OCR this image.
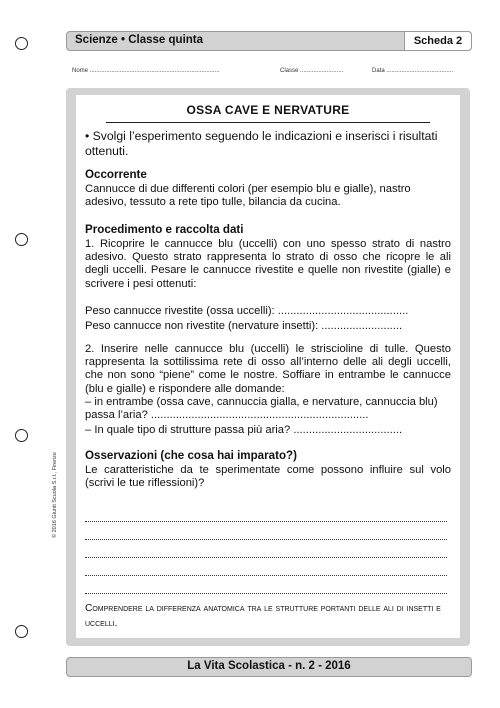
Scienze • Classe quinta	Scheda 2
Nome ..............................................................................	Classe ..........................	Data ........................................
OSSA CAVE E NERVATURE
• Svolgi l’esperimento seguendo le indicazioni e inserisci i risultati ottenuti.
Occorrente
Cannucce di due differenti colori (per esempio blu e gialle), nastro adesivo, tessuto a rete tipo tulle, bilancia da cucina.
Procedimento e raccolta dati
1. Ricoprire le cannucce blu (uccelli) con uno spesso strato di nastro adesivo. Questo strato rappresenta lo strato di osso che ricopre le ali degli uccelli. Pesare le cannucce rivestite e quelle non rivestite (gialle) e scrivere i pesi ottenuti:
Peso cannucce rivestite (ossa uccelli): ..........................................
Peso cannucce non rivestite (nervature insetti): ..........................
2. Inserire nelle cannucce blu (uccelli) le striscioline di tulle. Questo rappresenta la sottilissima rete di osso all’interno delle ali degli uccelli, che non sono “piene” come le nostre. Soffiare in entrambe le cannucce (blu e gialle) e rispondere alle domande:
– in entrambe (ossa cave, cannuccia gialla, e nervature, cannuccia blu) passa l’aria? ......................................................................
– In quale tipo di strutture passa più aria? ...................................
Osservazioni (che cosa hai imparato?)
Le caratteristiche da te sperimentate come possono influire sul volo (scrivi le tue riflessioni)?
Comprendere la differenza anatomica tra le strutture portanti delle ali di insetti e uccelli.
© 2016 Giunti Scuola S.r.l., Firenze
La Vita Scolastica - n. 2 - 2016
